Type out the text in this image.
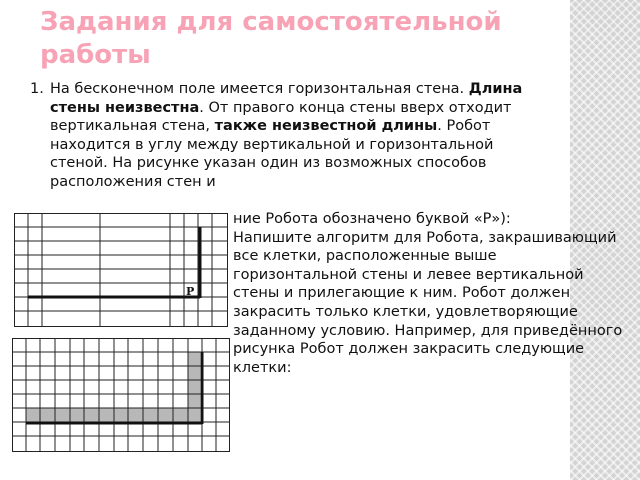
Задания для самостоятельной работы
1. На бесконечном поле имеется горизонтальная стена. Длина стены неизвестна. От правого конца стены вверх отходит вертикальная стена, также неизвестной длины. Робот находится в углу между вертикальной и горизонтальной стеной. На рисунке указан один из возможных способов расположения стен и
ние Робота обозначено буквой «Р»):
Напишите алгоритм для Робота, закрашивающий все клетки, расположенные выше горизонтальной стены и левее вертикальной стены и прилегающие к ним. Робот должен закрасить только клетки, удовлетворяющие заданному условию. Например, для приведённого рисунка Робот должен закрасить следующие клетки:
Р
